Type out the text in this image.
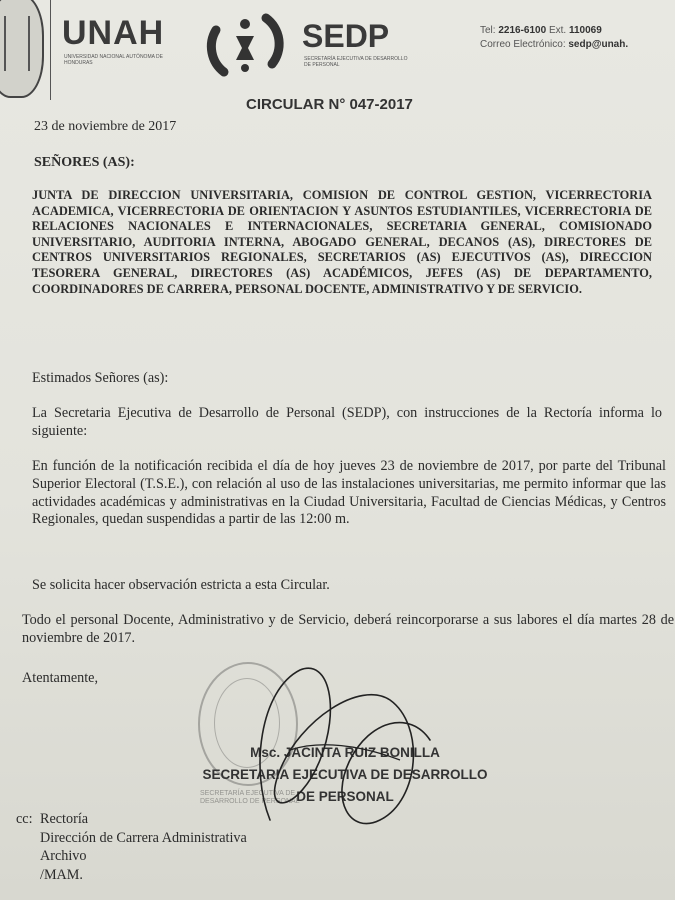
UNAH
UNIVERSIDAD NACIONAL AUTÓNOMA DE HONDURAS
SEDP
SECRETARÍA EJECUTIVA DE DESARROLLO DE PERSONAL
Tel: 2216-6100 Ext. 110069
Correo Electrónico: sedp@unah.
CIRCULAR N° 047-2017
23 de noviembre de 2017
SEÑORES (AS):
JUNTA DE DIRECCION UNIVERSITARIA, COMISION DE CONTROL GESTION, VICERRECTORIA ACADEMICA, VICERRECTORIA DE ORIENTACION Y ASUNTOS ESTUDIANTILES, VICERRECTORIA DE RELACIONES NACIONALES E INTERNACIONALES, SECRETARIA GENERAL, COMISIONADO UNIVERSITARIO, AUDITORIA INTERNA, ABOGADO GENERAL, DECANOS (AS), DIRECTORES DE CENTROS UNIVERSITARIOS REGIONALES, SECRETARIOS (AS) EJECUTIVOS (AS), DIRECCION TESORERA GENERAL, DIRECTORES (AS) ACADÉMICOS, JEFES (AS) DE DEPARTAMENTO, COORDINADORES DE CARRERA, PERSONAL DOCENTE, ADMINISTRATIVO Y DE SERVICIO.
Estimados Señores (as):
La Secretaria Ejecutiva de Desarrollo de Personal (SEDP), con instrucciones de la Rectoría informa lo siguiente:
En función de la notificación recibida el día de hoy jueves 23 de noviembre de 2017, por parte del Tribunal Superior Electoral (T.S.E.), con relación al uso de las instalaciones universitarias, me permito informar que las actividades académicas y administrativas en la Ciudad Universitaria, Facultad de Ciencias Médicas, y Centros Regionales, quedan suspendidas a partir de las 12:00 m.
Se solicita hacer observación estricta a esta Circular.
Todo el personal Docente, Administrativo y de Servicio, deberá reincorporarse a sus labores el día martes 28 de noviembre de 2017.
Atentamente,
SECRETARÍA EJECUTIVA DE DESARROLLO DE PERSONAL
Msc. JACINTA RUIZ BONILLA
SECRETARIA EJECUTIVA DE DESARROLLO
DE PERSONAL
cc: Rectoría
Dirección de Carrera Administrativa
Archivo
/MAM.
